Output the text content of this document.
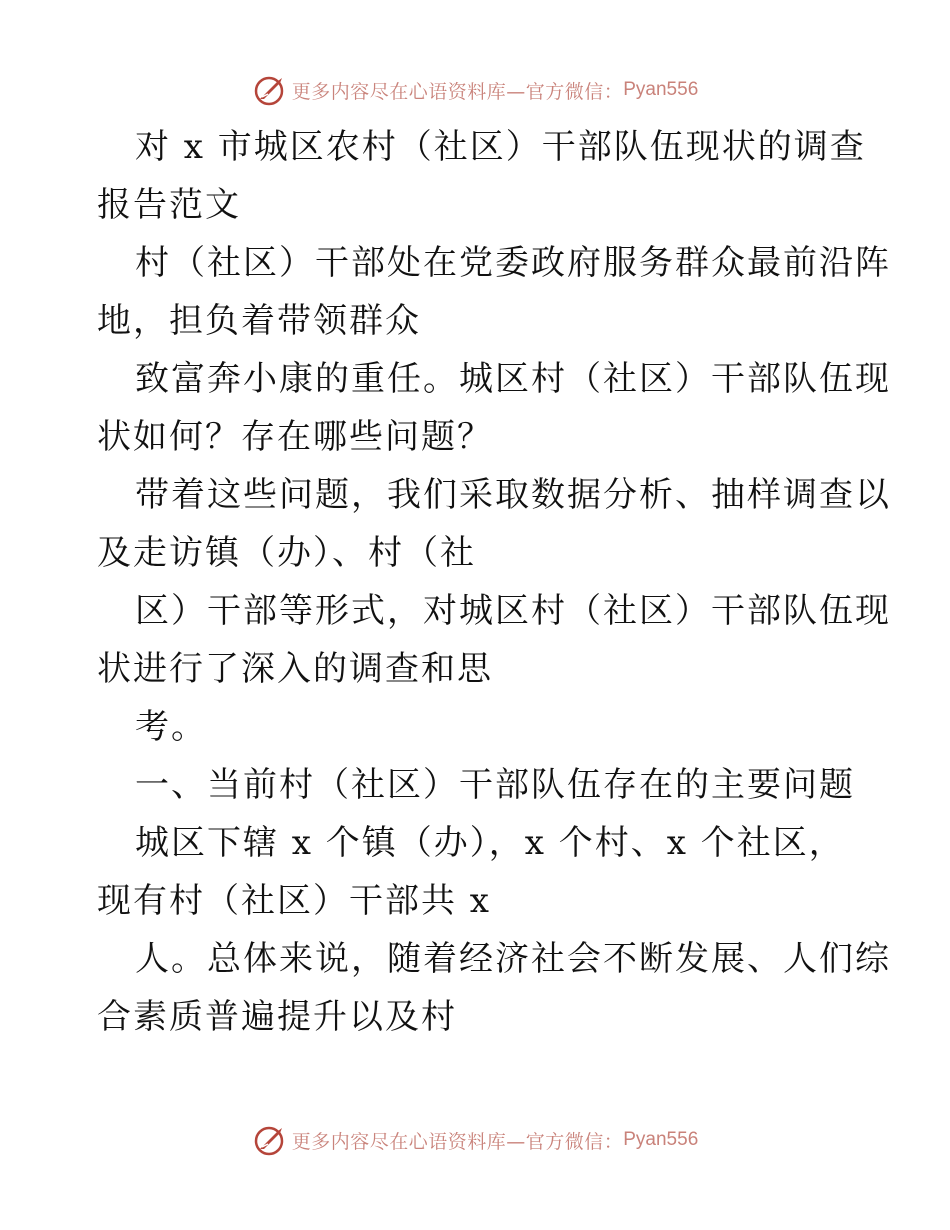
更多内容尽在心语资料库—官方微信： Pyan556
对 x 市城区农村（社区）干部队伍现状的调查
报告范文
村（社区）干部处在党委政府服务群众最前沿阵
地，担负着带领群众
致富奔小康的重任。城区村（社区）干部队伍现
状如何？存在哪些问题？
带着这些问题，我们采取数据分析、抽样调查以
及走访镇（办）、村（社
区）干部等形式，对城区村（社区）干部队伍现
状进行了深入的调查和思
考。
一、当前村（社区）干部队伍存在的主要问题
城区下辖 x 个镇（办），x 个村、x 个社区，
现有村（社区）干部共 x
人。总体来说，随着经济社会不断发展、人们综
合素质普遍提升以及村
更多内容尽在心语资料库—官方微信： Pyan556
